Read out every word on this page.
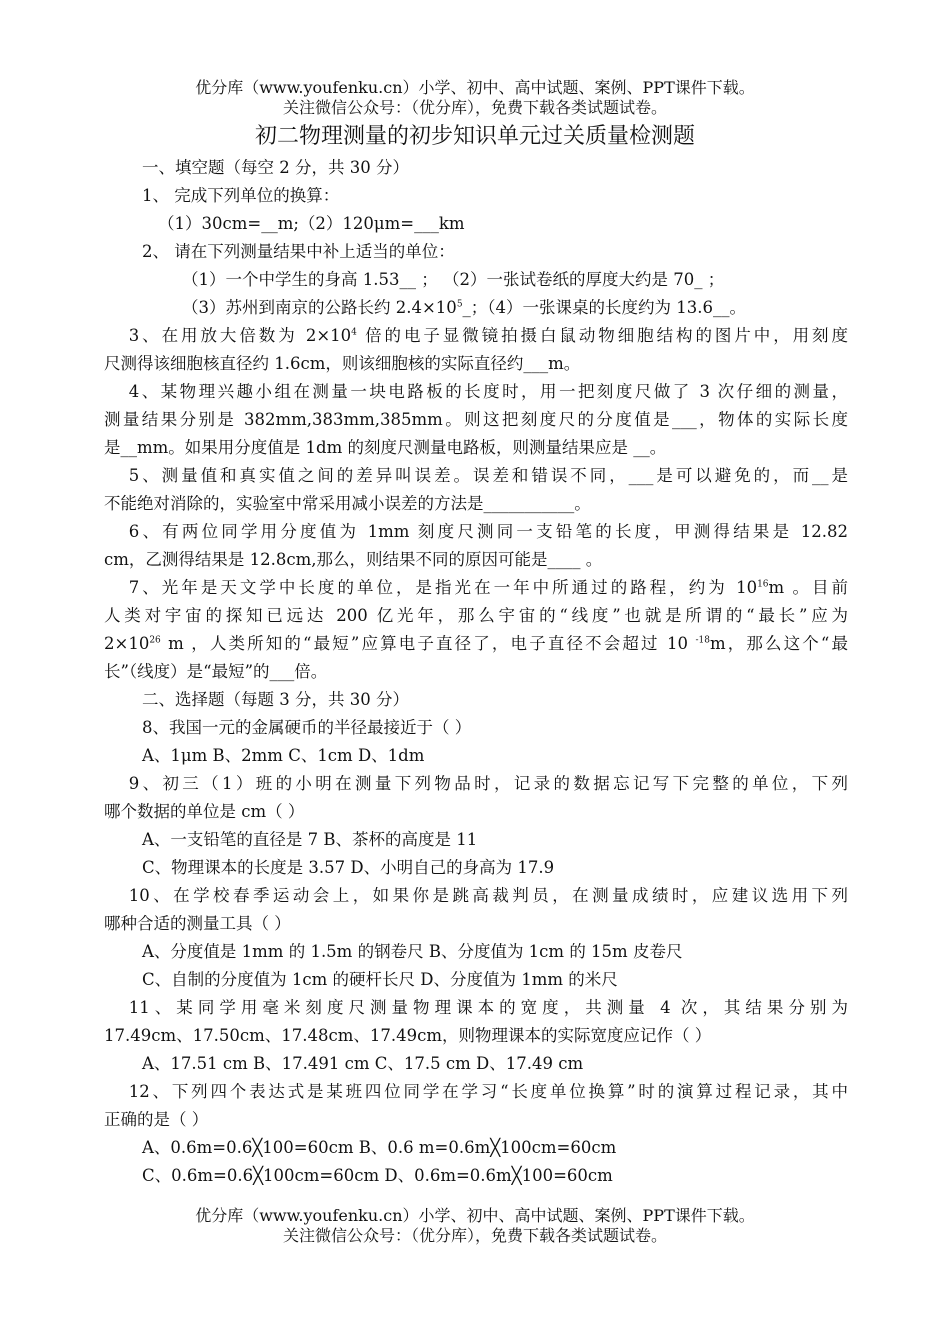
优分库（www.youfenku.cn）小学、初中、高中试题、案例、PPT课件下载。
关注微信公众号：（优分库），免费下载各类试题试卷。
初二物理测量的初步知识单元过关质量检测题
一、填空题（每空 2 分，共 30 分）
1、 完成下列单位的换算：
（1）30cm=__m;（2）120μm=___km
2、 请在下列测量结果中补上适当的单位：
（1）一个中学生的身高 1.53__ ； （2）一张试卷纸的厚度大约是 70_ ；
（3）苏州到南京的公路长约 $2.4\times 10^5\_$；（4）一张课桌的长度约为 13.6__。
  3、在用放大倍数为 $2\times 10^4$ 倍的电子显微镜拍摄白鼠动物细胞结构的图片中，用刻度
尺测得该细胞核直径约 1.6cm，则该细胞核的实际直径约___m。
  4、某物理兴趣小组在测量一块电路板的长度时，用一把刻度尺做了 3 次仔细的测量，
测量结果分别是 382mm,383mm,385mm。则这把刻度尺的分度值是___，物体的实际长度
是__mm。如果用分度值是 1dm 的刻度尺测量电路板，则测量结果应是 __。
  5、测量值和真实值之间的差异叫误差。误差和错误不同，___是可以避免的，而__是
不能绝对消除的，实验室中常采用减小误差的方法是___________。
  6、有两位同学用分度值为 1mm 刻度尺测同一支铅笔的长度，甲测得结果是 12.82
cm，乙测得结果是 12.8cm,那么，则结果不同的原因可能是____ 。
  7、光年是天文学中长度的单位，是指光在一年中所通过的路程，约为 $10^{16}m$ 。目前
人类对宇宙的探知已远达 200 亿光年，那么宇宙的“线度”也就是所谓的“最长”应为
$2\times 10^{26}$ m ，人类所知的“最短”应算电子直径了，电子直径不会超过 10 $^{-18}$m，那么这个“最
长”（线度）是“最短”的___倍。
二、选择题（每题 3 分，共 30 分）
8、我国一元的金属硬币的半径最接近于（ ）
A、1μm B、2mm C、1cm D、1dm
  9、初三（1）班的小明在测量下列物品时，记录的数据忘记写下完整的单位，下列
哪个数据的单位是 cm（ ）
A、一支铅笔的直径是 7 B、茶杯的高度是 11
C、物理课本的长度是 3.57 D、小明自己的身高为 17.9
  10、在学校春季运动会上，如果你是跳高裁判员，在测量成绩时，应建议选用下列
哪种合适的测量工具（ ）
A、分度值是 1mm 的 1.5m 的钢卷尺 B、分度值为 1cm 的 15m 皮卷尺
C、自制的分度值为 1cm 的硬杆长尺 D、分度值为 1mm 的米尺
  11、某同学用毫米刻度尺测量物理课本的宽度，共测量 4 次，其结果分别为
17.49cm、17.50cm、17.48cm、17.49cm，则物理课本的实际宽度应记作（ ）
A、17.51 cm B、17.491 cm C、17.5 cm D、17.49 cm
  12、下列四个表达式是某班四位同学在学习“长度单位换算”时的演算过程记录，其中
正确的是（ ）
A、0.6m=0.6╳100=60cm B、0.6 m=0.6m╳100cm=60cm
C、0.6m=0.6╳100cm=60cm D、0.6m=0.6m╳100=60cm
优分库（www.youfenku.cn）小学、初中、高中试题、案例、PPT课件下载。
关注微信公众号：（优分库），免费下载各类试题试卷。
